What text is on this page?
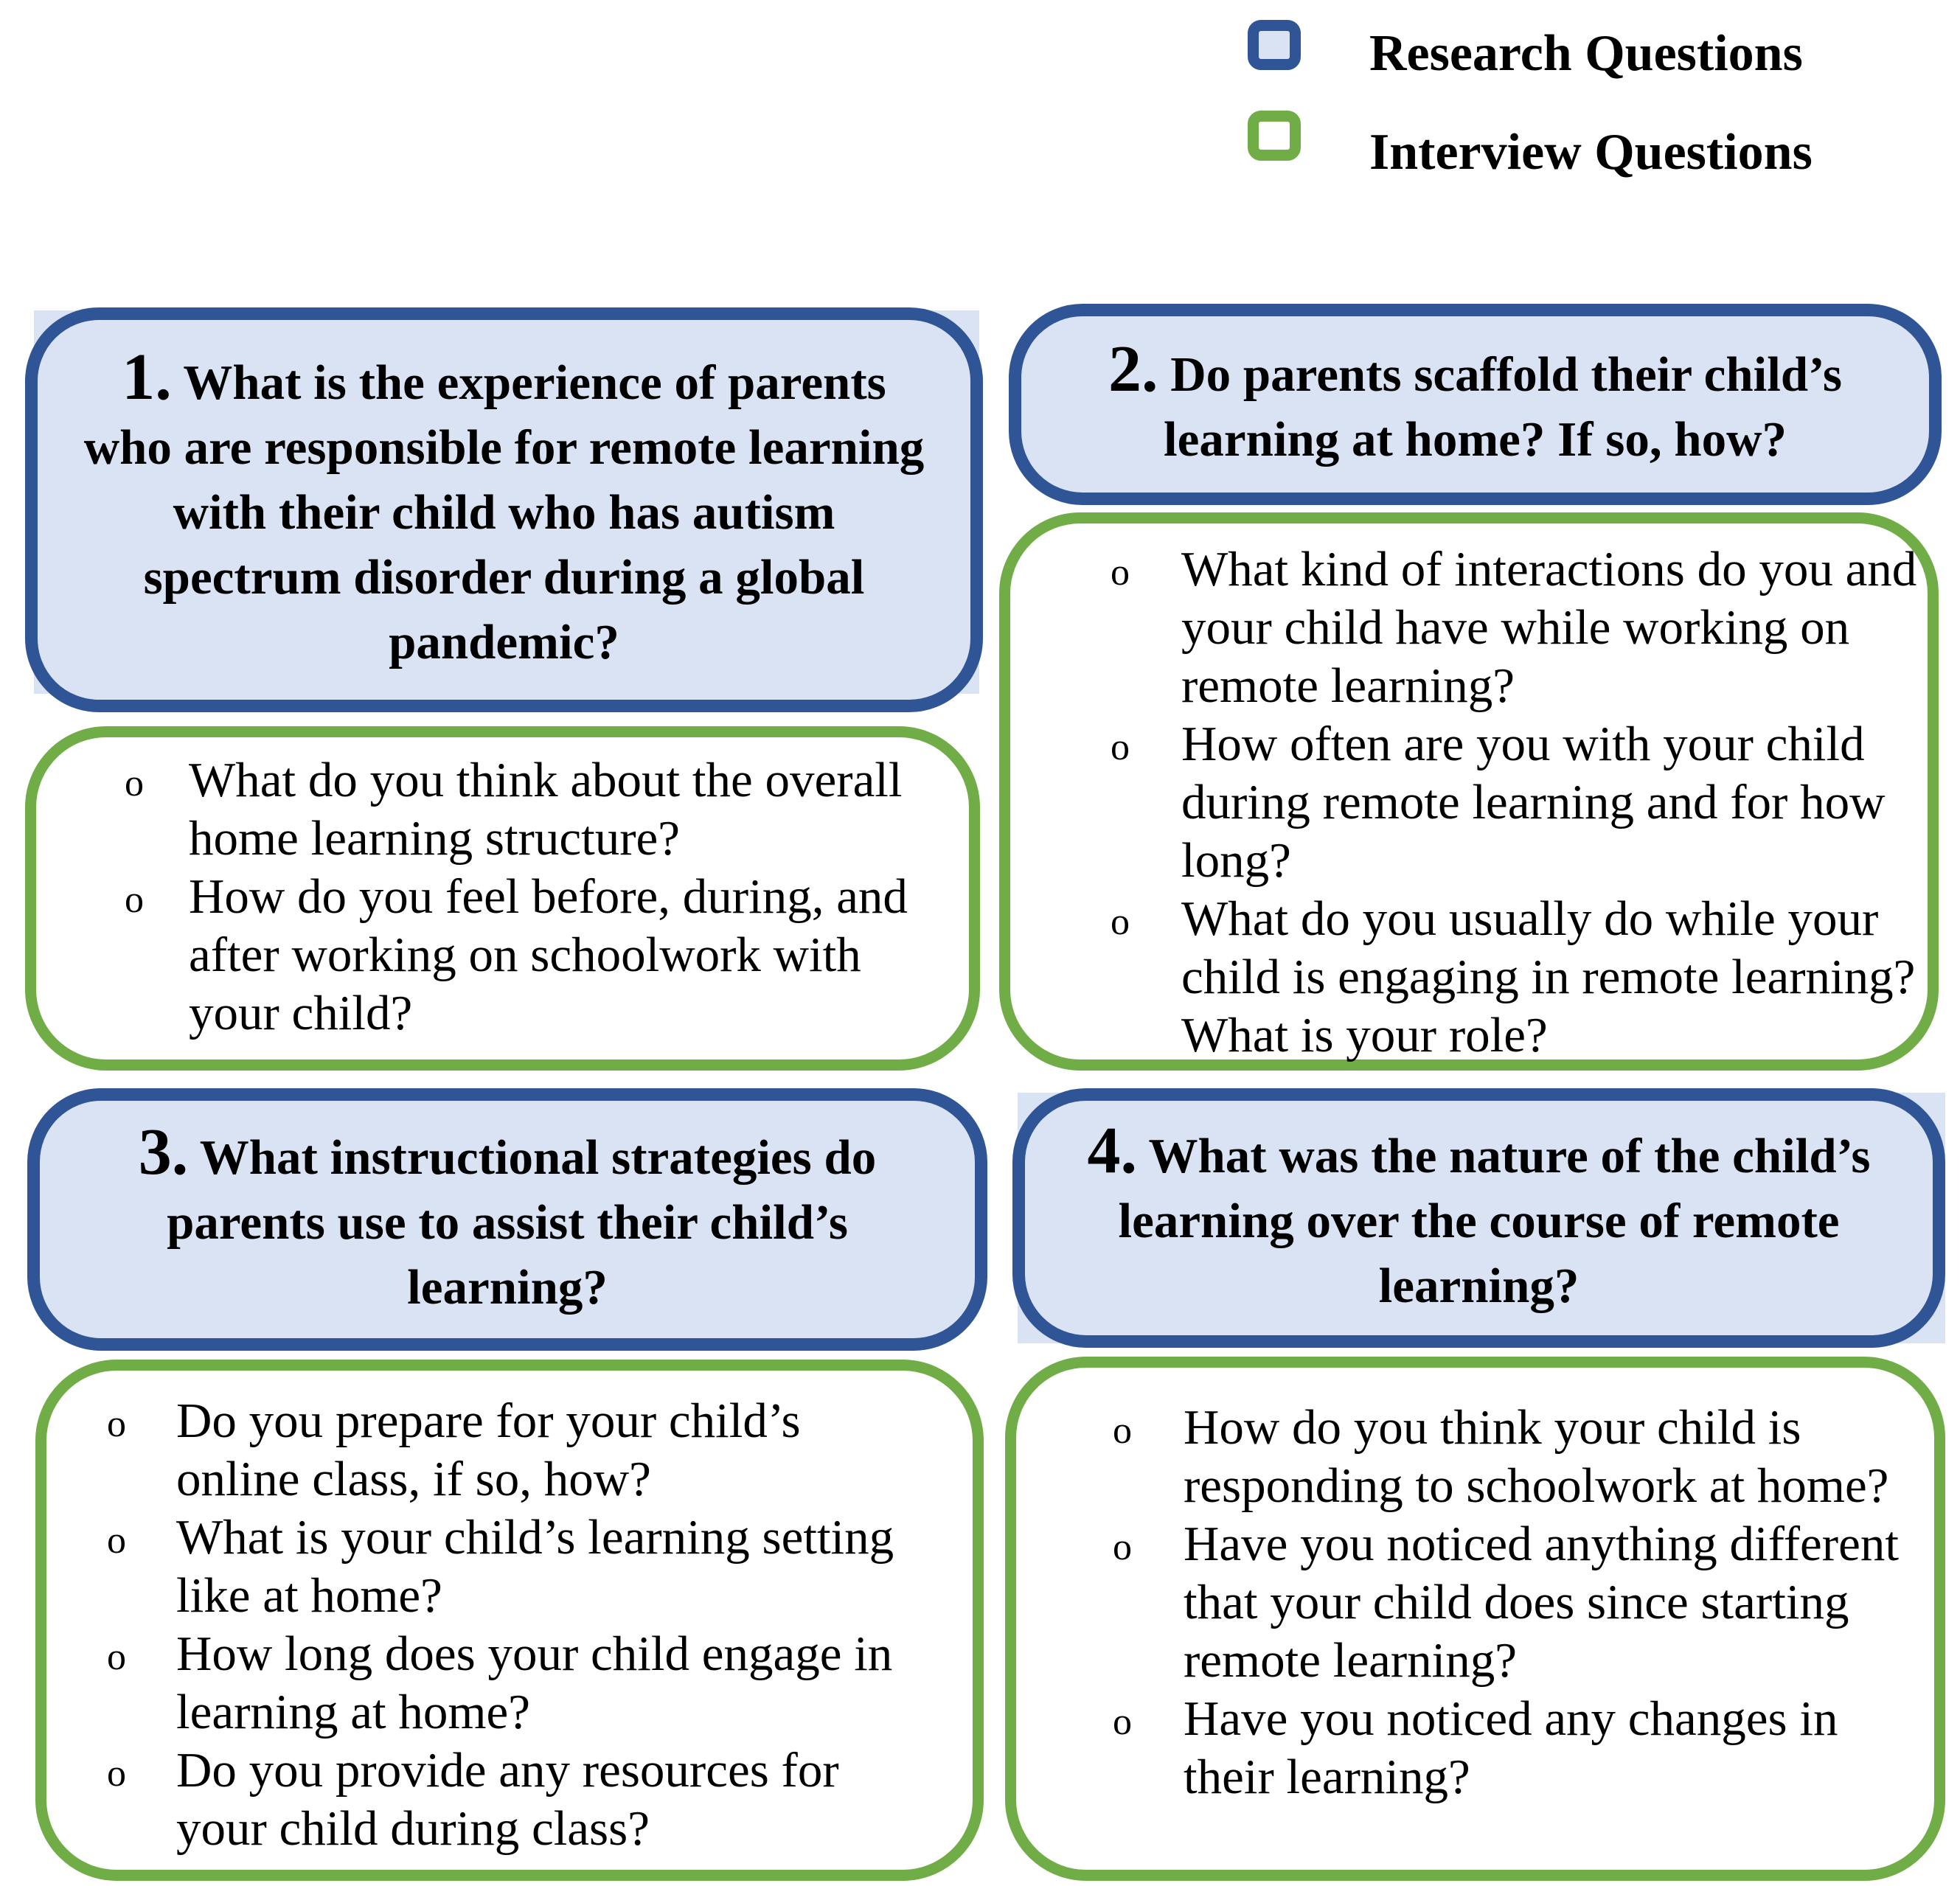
Research Questions
Interview Questions
1. What is the experience of parents who are responsible for remote learning with their child who has autism spectrum disorder during a global pandemic?
o What do you think about the overall home learning structure?
o How do you feel before, during, and after working on schoolwork with your child?
2. Do parents scaffold their child’s learning at home? If so, how?
o What kind of interactions do you and your child have while working on remote learning?
o How often are you with your child during remote learning and for how long?
o What do you usually do while your child is engaging in remote learning? What is your role?
3. What instructional strategies do parents use to assist their child’s learning?
o Do you prepare for your child’s online class, if so, how?
o What is your child’s learning setting like at home?
o How long does your child engage in learning at home?
o Do you provide any resources for your child during class?
4. What was the nature of the child’s learning over the course of remote learning?
o How do you think your child is responding to schoolwork at home?
o Have you noticed anything different that your child does since starting remote learning?
o Have you noticed any changes in their learning?
